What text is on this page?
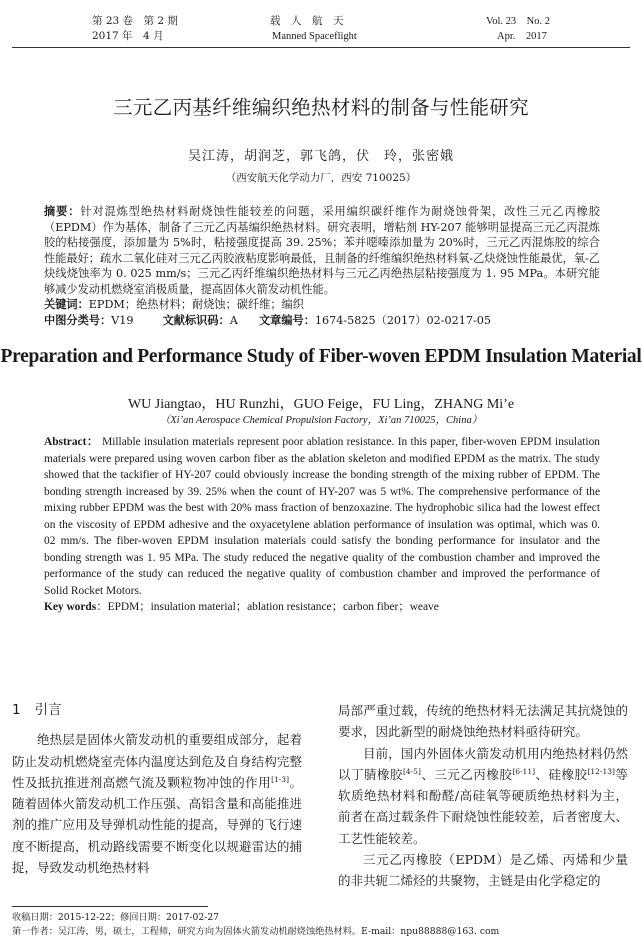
第 23 卷　第 2 期
2017 年　4 月
载　人　航　天
Manned Spaceflight
Vol. 23　No. 2
Apr.　2017
三元乙丙基纤维编织绝热材料的制备与性能研究
吴江涛，胡润芝，郭飞鸽，伏　玲，张密娥
（西安航天化学动力厂，西安 710025）
摘要：针对混炼型绝热材料耐烧蚀性能较差的问题，采用编织碳纤维作为耐烧蚀骨架，改性三元乙丙橡胶（EPDM）作为基体，制备了三元乙丙基编织绝热材料。研究表明，增粘剂 HY-207 能够明显提高三元乙丙混炼胶的粘接强度，添加量为 5%时，粘接强度提高 39. 25%；苯并噁嗪添加量为 20%时，三元乙丙混炼胶的综合性能最好；疏水二氧化硅对三元乙丙胶液粘度影响最低，且制备的纤维编织绝热材料氧-乙炔烧蚀性能最优，氧-乙炔线烧蚀率为 0. 025 mm/s；三元乙丙纤维编织绝热材料与三元乙丙绝热层粘接强度为 1. 95 MPa。本研究能够减少发动机燃烧室消极质量，提高固体火箭发动机性能。
关键词：EPDM；绝热材料；耐烧蚀；碳纤维；编织
中图分类号：V19	文献标识码：A 文章编号：1674-5825（2017）02-0217-05
Preparation and Performance Study of Fiber-woven EPDM Insulation Material
WU Jiangtao，HU Runzhi，GUO Feige，FU Ling，ZHANG Mi’e
（Xi’an Aerospace Chemical Propulsion Factory，Xi’an 710025，China）
Abstract： Millable insulation materials represent poor ablation resistance. In this paper, fiber-woven EPDM insulation materials were prepared using woven carbon fiber as the ablation skeleton and modified EPDM as the matrix. The study showed that the tackifier of HY-207 could obviously increase the bonding strength of the mixing rubber of EPDM. The bonding strength increased by 39. 25% when the count of HY-207 was 5 wt%. The comprehensive performance of the mixing rubber EPDM was the best with 20% mass fraction of benzoxazine. The hydrophobic silica had the lowest effect on the viscosity of EPDM adhesive and the oxyacetylene ablation performance of insulation was optimal, which was 0. 02 mm/s. The fiber-woven EPDM insulation materials could satisfy the bonding performance for insulator and the bonding strength was 1. 95 MPa. The study reduced the negative quality of the combustion chamber and improved the performance of the study can reduced the negative quality of combustion chamber and improved the performance of Solid Rocket Motors.
Key words：EPDM；insulation material；ablation resistance；carbon fiber；weave
1 引言

绝热层是固体火箭发动机的重要组成部分，起着防止发动机燃烧室壳体内温度达到危及自身结构完整性及抵抗推进剂高燃气流及颗粒物冲蚀的作用[1-3]。随着固体火箭发动机工作压强、高铝含量和高能推进剂的推广应用及导弹机动性能的提高，导弹的飞行速度不断提高，机动路线需要不断变化以规避雷达的捕捉，导致发动机绝热材料

局部严重过载，传统的绝热材料无法满足其抗烧蚀的要求，因此新型的耐烧蚀绝热材料亟待研究。

目前，国内外固体火箭发动机用内绝热材料仍然以丁腈橡胶[4-5]、三元乙丙橡胶[6-11]、硅橡胶[12-13]等软质绝热材料和酚醛/高硅氧等硬质绝热材料为主，前者在高过载条件下耐烧蚀性能较差，后者密度大、工艺性能较差。

三元乙丙橡胶（EPDM）是乙烯、丙烯和少量的非共轭二烯烃的共聚物，主链是由化学稳定的

收稿日期：2015-12-22；修回日期：2017-02-27
第一作者：吴江涛，男，硕士，工程师，研究方向为固体火箭发动机耐烧蚀绝热材料。E-mail：npu88888@163. com
